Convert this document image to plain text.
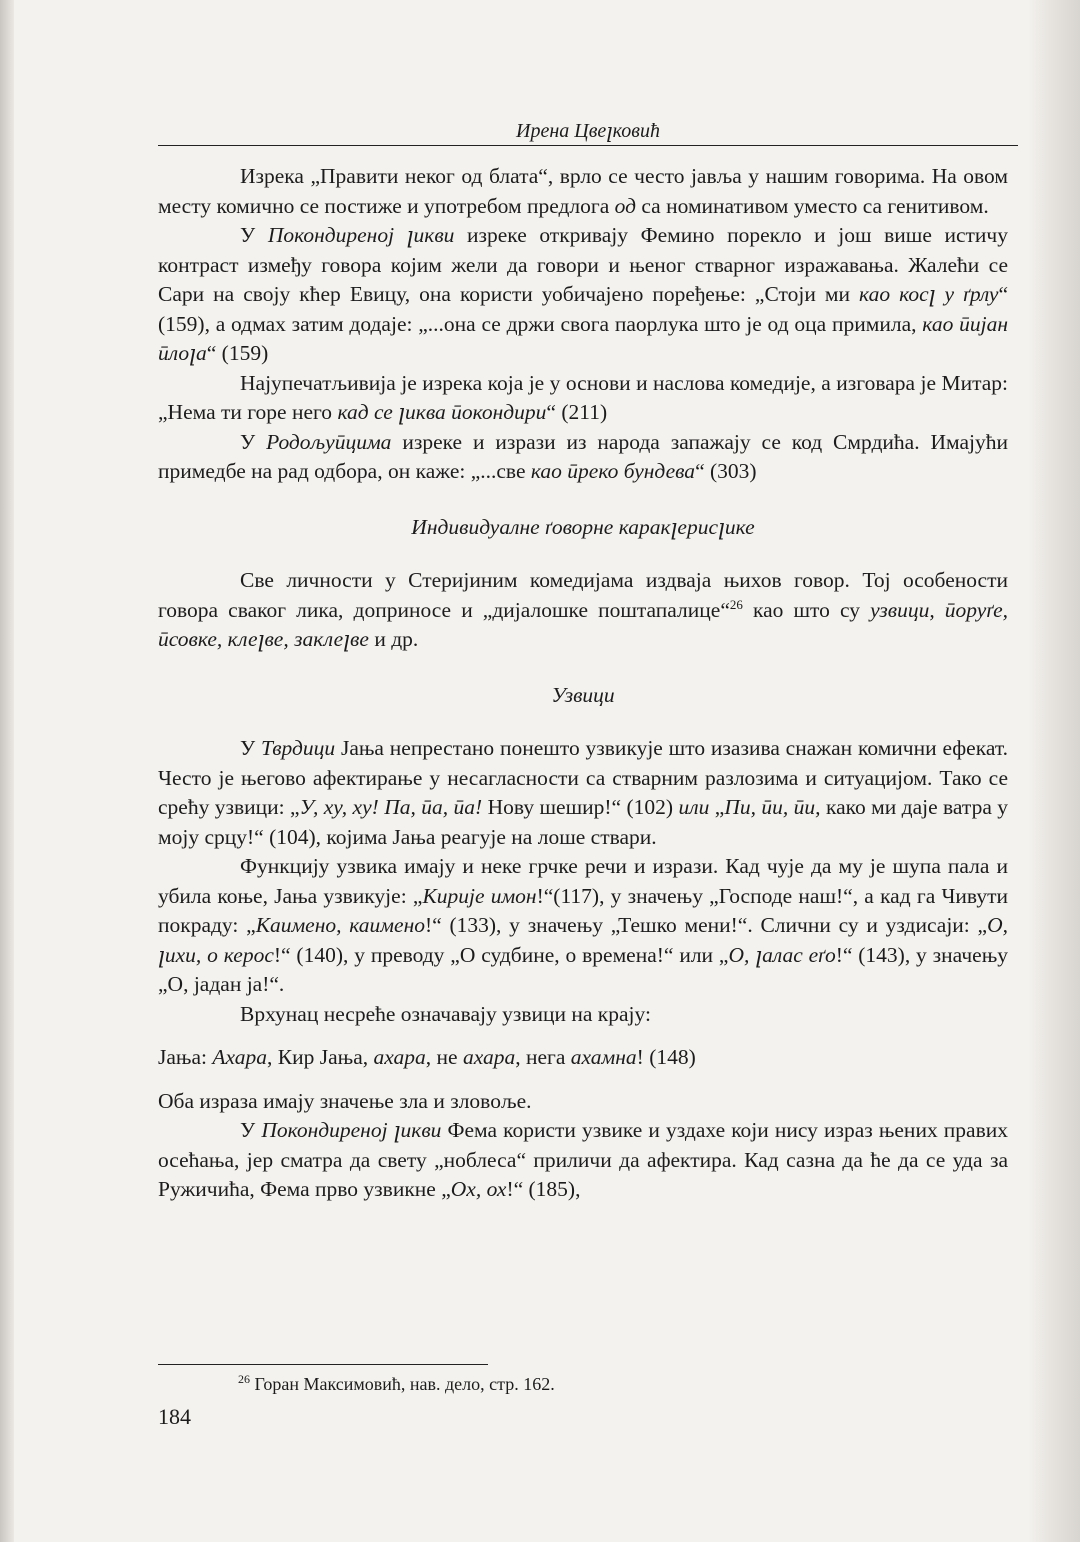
Ирена Цвеꞁковић

Изрека „Правити неког од блата“, врло се често јавља у нашим говорима. На овом месту комично се постиже и употребом предлога од са номинативом уместо са генитивом.

У Покондиреној ꞁикви изреке откривају Фемино порекло и још више истичу контраст између говора којим жели да говори и њеног стварног изражавања. Жалећи се Сари на своју кћер Евицу, она користи уобичајено поређење: „Стоји ми као косꞁ у ґрлу“ (159), а одмах затим додаје: „...она се држи свога паорлука што је од оца примила, као ӣијан ӣлоꞁа“ (159)

Најупечатљивија је изрека која је у основи и наслова комедије, а изговара је Митар: „Нема ти горе него кад се ꞁиква ӣокондири“ (211)

У Родољуӣцима изреке и изрази из народа запажају се код Смрдића. Имајући примедбе на рад одбора, он каже: „...све као ӣреко бундева“ (303)

Индивидуалне ґоворне каракꞁерисꞁике

Све личности у Стеријиним комедијама издваја њихов говор. Тој особености говора сваког лика, доприносе и „дијалошке поштапалице“$^{26}$ као што су узвици, ӣоруґе, ӣсовке, клеꞁве, заклеꞁве и др.

Узвици

У Тврдици Јања непрестано понешто узвикује што изазива снажан комични ефекат. Често је његово афектирање у несагласности са стварним разлозима и ситуацијом. Тако се срећу узвици: „У, ху, ху! Па, ӣа, ӣа! Нову шешир!“ (102) или „Пи, ӣи, ӣи, како ми даје ватра у моју срцу!“ (104), којима Јања реагује на лоше ствари.

Функцију узвика имају и неке грчке речи и изрази. Кад чује да му је шупа пала и убила коње, Јања узвикује: „Кирије имон!“(117), у значењу „Господе наш!“, а кад га Чивути покраду: „Каимено, каимено!“ (133), у значењу „Тешко мени!“. Слични су и уздисаји: „О, ꞁихи, о керос!“ (140), у преводу „О судбине, о времена!“ или „О, ꞁалас еґо!“ (143), у значењу „О, јадан ја!“.

Врхунац несреће означавају узвици на крају:

Јања: Ахара, Кир Јања, ахара, не ахара, нега ахамна! (148)

Оба израза имају значење зла и зловоље.

У Покондиреној ꞁикви Фема користи узвике и уздахе који нису израз њених правих осећања, јер сматра да свету „ноблеса“ приличи да афектира. Кад сазна да ће да се уда за Ружичића, Фема прво узвикне „Ох, ох!“ (185),

$^{26}$ Горан Максимовић, нав. дело, стр. 162.
184
